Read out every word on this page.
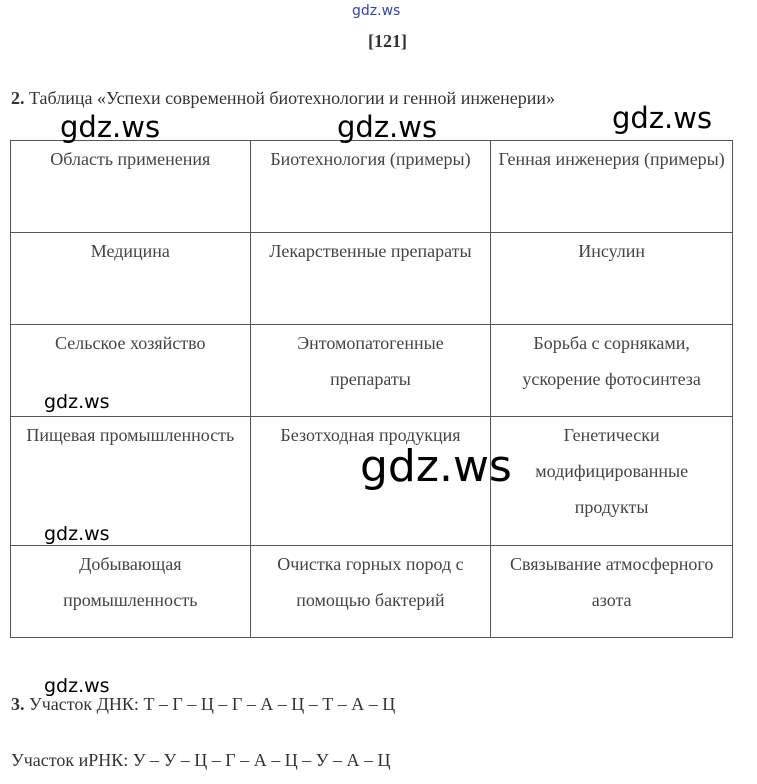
gdz.ws
[121]
2. Таблица «Успехи современной биотехнологии и генной инженерии»
Область применения	Биотехнология (примеры)	Генная инженерия (примеры)
Медицина	Лекарственные препараты	Инсулин
Сельское хозяйство	Энтомопатогенные препараты	Борьба с сорняками, ускорение фотосинтеза
Пищевая промышленность	Безотходная продукция	Генетически модифицированные продукты
Добывающая промышленность	Очистка горных пород с помощью бактерий	Связывание атмосферного азота
3. Участок ДНК: Т – Г – Ц – Г – А – Ц – Т – А – Ц
Участок иРНК: У – У – Ц – Г – А – Ц – У – А – Ц
gdz.ws	gdz.ws	gdz.ws
gdz.ws
gdz.ws
gdz.ws
gdz.ws
